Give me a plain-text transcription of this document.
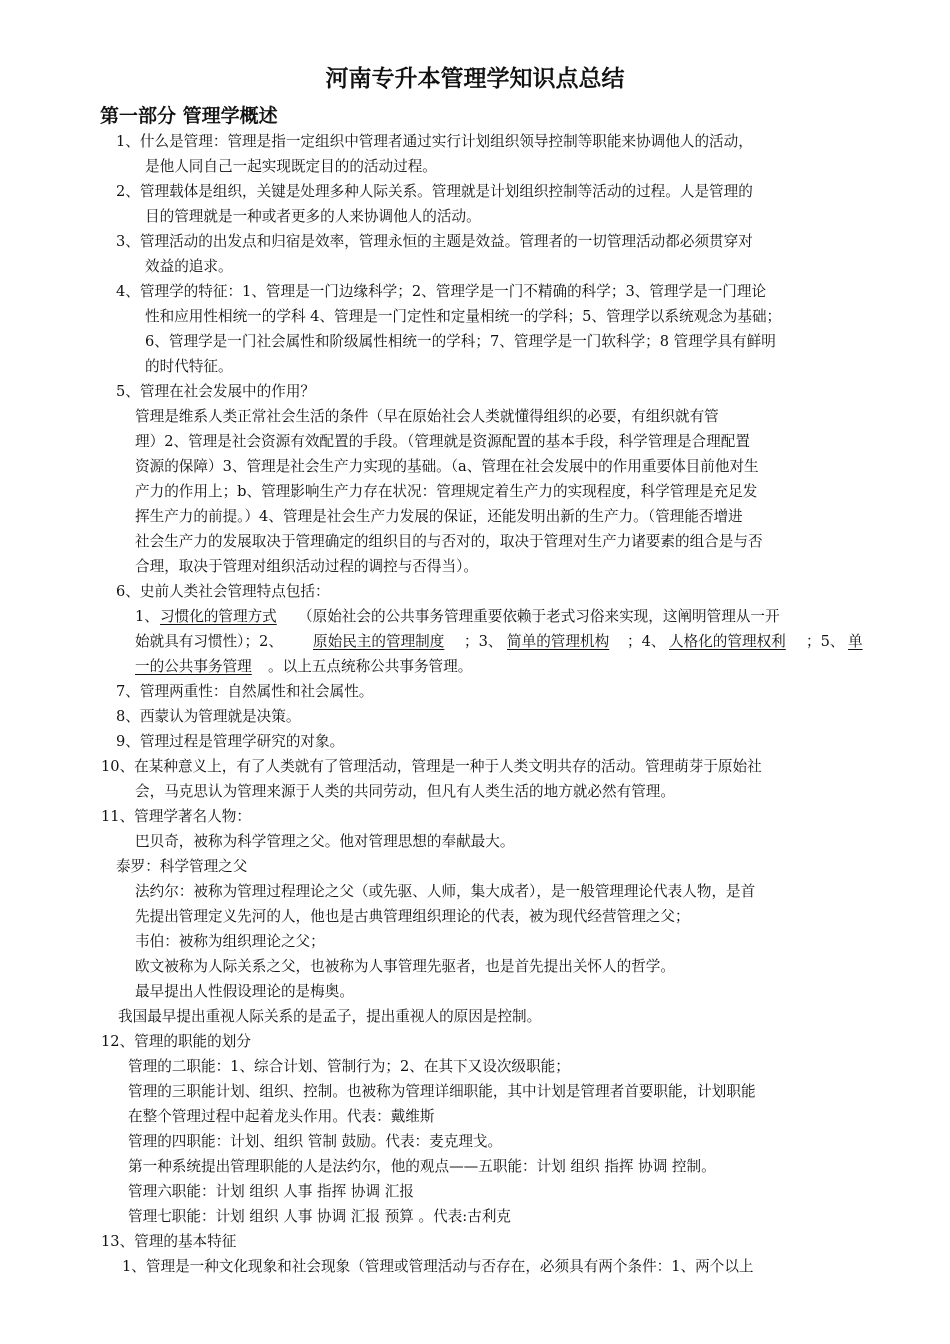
河南专升本管理学知识点总结
第一部分 管理学概述
1、什么是管理：管理是指一定组织中管理者通过实行计划组织领导控制等职能来协调他人的活动，
是他人同自己一起实现既定目的的活动过程。
2、管理载体是组织，关键是处理多种人际关系。管理就是计划组织控制等活动的过程。人是管理的
目的管理就是一种或者更多的人来协调他人的活动。
3、管理活动的出发点和归宿是效率，管理永恒的主题是效益。管理者的一切管理活动都必须贯穿对
效益的追求。
4、管理学的特征：1、管理是一门边缘科学；2、管理学是一门不精确的科学；3、管理学是一门理论
性和应用性相统一的学科 4、管理是一门定性和定量相统一的学科；5、管理学以系统观念为基础；
6、管理学是一门社会属性和阶级属性相统一的学科；7、管理学是一门软科学；8 管理学具有鲜明
的时代特征。
5、管理在社会发展中的作用？
管理是维系人类正常社会生活的条件（早在原始社会人类就懂得组织的必要，有组织就有管
理）2、管理是社会资源有效配置的手段。（管理就是资源配置的基本手段，科学管理是合理配置
资源的保障）3、管理是社会生产力实现的基础。（a、管理在社会发展中的作用重要体目前他对生
产力的作用上；b、管理影响生产力存在状况：管理规定着生产力的实现程度，科学管理是充足发
挥生产力的前提。）4、管理是社会生产力发展的保证，还能发明出新的生产力。（管理能否增进
社会生产力的发展取决于管理确定的组织目的与否对的，取决于管理对生产力诸要素的组合是与否
合理，取决于管理对组织活动过程的调控与否得当）。
6、史前人类社会管理特点包括：
1、 习惯化的管理方式 （原始社会的公共事务管理重要依赖于老式习俗来实现，这阐明管理从一开
始就具有习惯性）；2、 原始民主的管理制度 ；3、 简单的管理机构 ；4、 人格化的管理权利 ；5、 单
一的公共事务管理 。以上五点统称公共事务管理。
7、管理两重性：自然属性和社会属性。
8、西蒙认为管理就是决策。
9、管理过程是管理学研究的对象。
10、在某种意义上，有了人类就有了管理活动，管理是一种于人类文明共存的活动。管理萌芽于原始社
会，马克思认为管理来源于人类的共同劳动，但凡有人类生活的地方就必然有管理。
11、管理学著名人物：
巴贝奇，被称为科学管理之父。他对管理思想的奉献最大。
泰罗：科学管理之父
法约尔：被称为管理过程理论之父（或先驱、人师，集大成者），是一般管理理论代表人物，是首
先提出管理定义先河的人，他也是古典管理组织理论的代表，被为现代经营管理之父；
韦伯：被称为组织理论之父；
欧文被称为人际关系之父，也被称为人事管理先驱者，也是首先提出关怀人的哲学。
最早提出人性假设理论的是梅奥。
我国最早提出重视人际关系的是孟子，提出重视人的原因是控制。
12、管理的职能的划分
管理的二职能：1、综合计划、管制行为；2、在其下又设次级职能；
管理的三职能计划、组织、控制。也被称为管理详细职能，其中计划是管理者首要职能，计划职能
在整个管理过程中起着龙头作用。代表：戴维斯
管理的四职能：计划、组织 管制 鼓励。代表：麦克理戈。
第一种系统提出管理职能的人是法约尔，他的观点——五职能：计划 组织 指挥 协调 控制。
管理六职能：计划 组织 人事 指挥 协调 汇报
管理七职能：计划 组织 人事 协调 汇报 预算 。代表:古利克
13、管理的基本特征
1、管理是一种文化现象和社会现象（管理或管理活动与否存在，必须具有两个条件：1、两个以上
